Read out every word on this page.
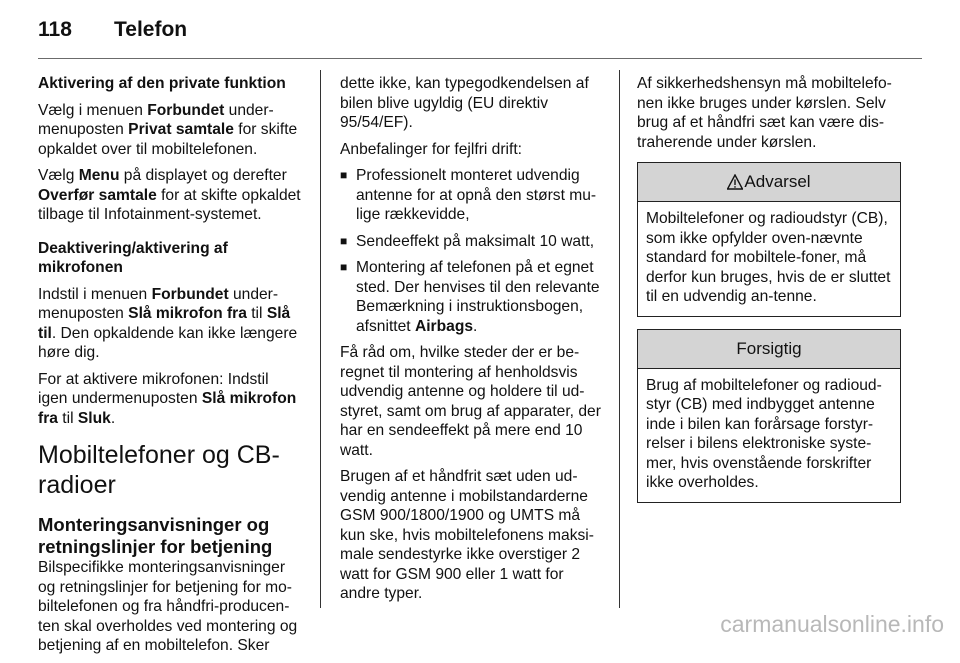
118 Telefon

Aktivering af den private funktion

Vælg i menuen Forbundet under-menuposten Privat samtale for skifte opkaldet over til mobiltelefonen.

Vælg Menu på displayet og derefter Overfør samtale for at skifte opkaldet tilbage til Infotainment-systemet.

Deaktivering/aktivering af mikrofonen

Indstil i menuen Forbundet under-menuposten Slå mikrofon fra til Slå til. Den opkaldende kan ikke længere høre dig.

For at aktivere mikrofonen: Indstil igen undermenuposten Slå mikrofon fra til Sluk.

Mobiltelefoner og CB-radioer
Monteringsanvisninger og retningslinjer for betjening

Bilspecifikke monteringsanvisninger og retningslinjer for betjening for mo-biltelefonen og fra håndfri-producen-ten skal overholdes ved montering og betjening af en mobiltelefon. Sker

dette ikke, kan typegodkendelsen af bilen blive ugyldig (EU direktiv 95/54/EF).

Anbefalinger for fejlfri drift:

■ Professionelt monteret udvendig antenne for at opnå den størst mu-lige rækkevidde,
■ Sendeeffekt på maksimalt 10 watt,
■ Montering af telefonen på et egnet sted. Der henvises til den relevante Bemærkning i instruktionsbogen, afsnittet Airbags.

Få råd om, hvilke steder der er be-regnet til montering af henholdsvis udvendig antenne og holdere til ud-styret, samt om brug af apparater, der har en sendeeffekt på mere end 10 watt.

Brugen af et håndfrit sæt uden ud-vendig antenne i mobilstandarderne GSM 900/1800/1900 og UMTS må kun ske, hvis mobiltelefonens maksi-male sendestyrke ikke overstiger 2 watt for GSM 900 eller 1 watt for andre typer.

Af sikkerhedshensyn må mobiltelefo-nen ikke bruges under kørslen. Selv brug af et håndfri sæt kan være dis-traherende under kørslen.

Advarsel
Mobiltelefoner og radioudstyr (CB), som ikke opfylder oven-nævnte standard for mobiltele-foner, må derfor kun bruges, hvis de er sluttet til en udvendig an-tenne.
Forsigtig
Brug af mobiltelefoner og radioud-styr (CB) med indbygget antenne inde i bilen kan forårsage forstyr-relser i bilens elektroniske syste-mer, hvis ovenstående forskrifter ikke overholdes.
carmanualsonline.info
